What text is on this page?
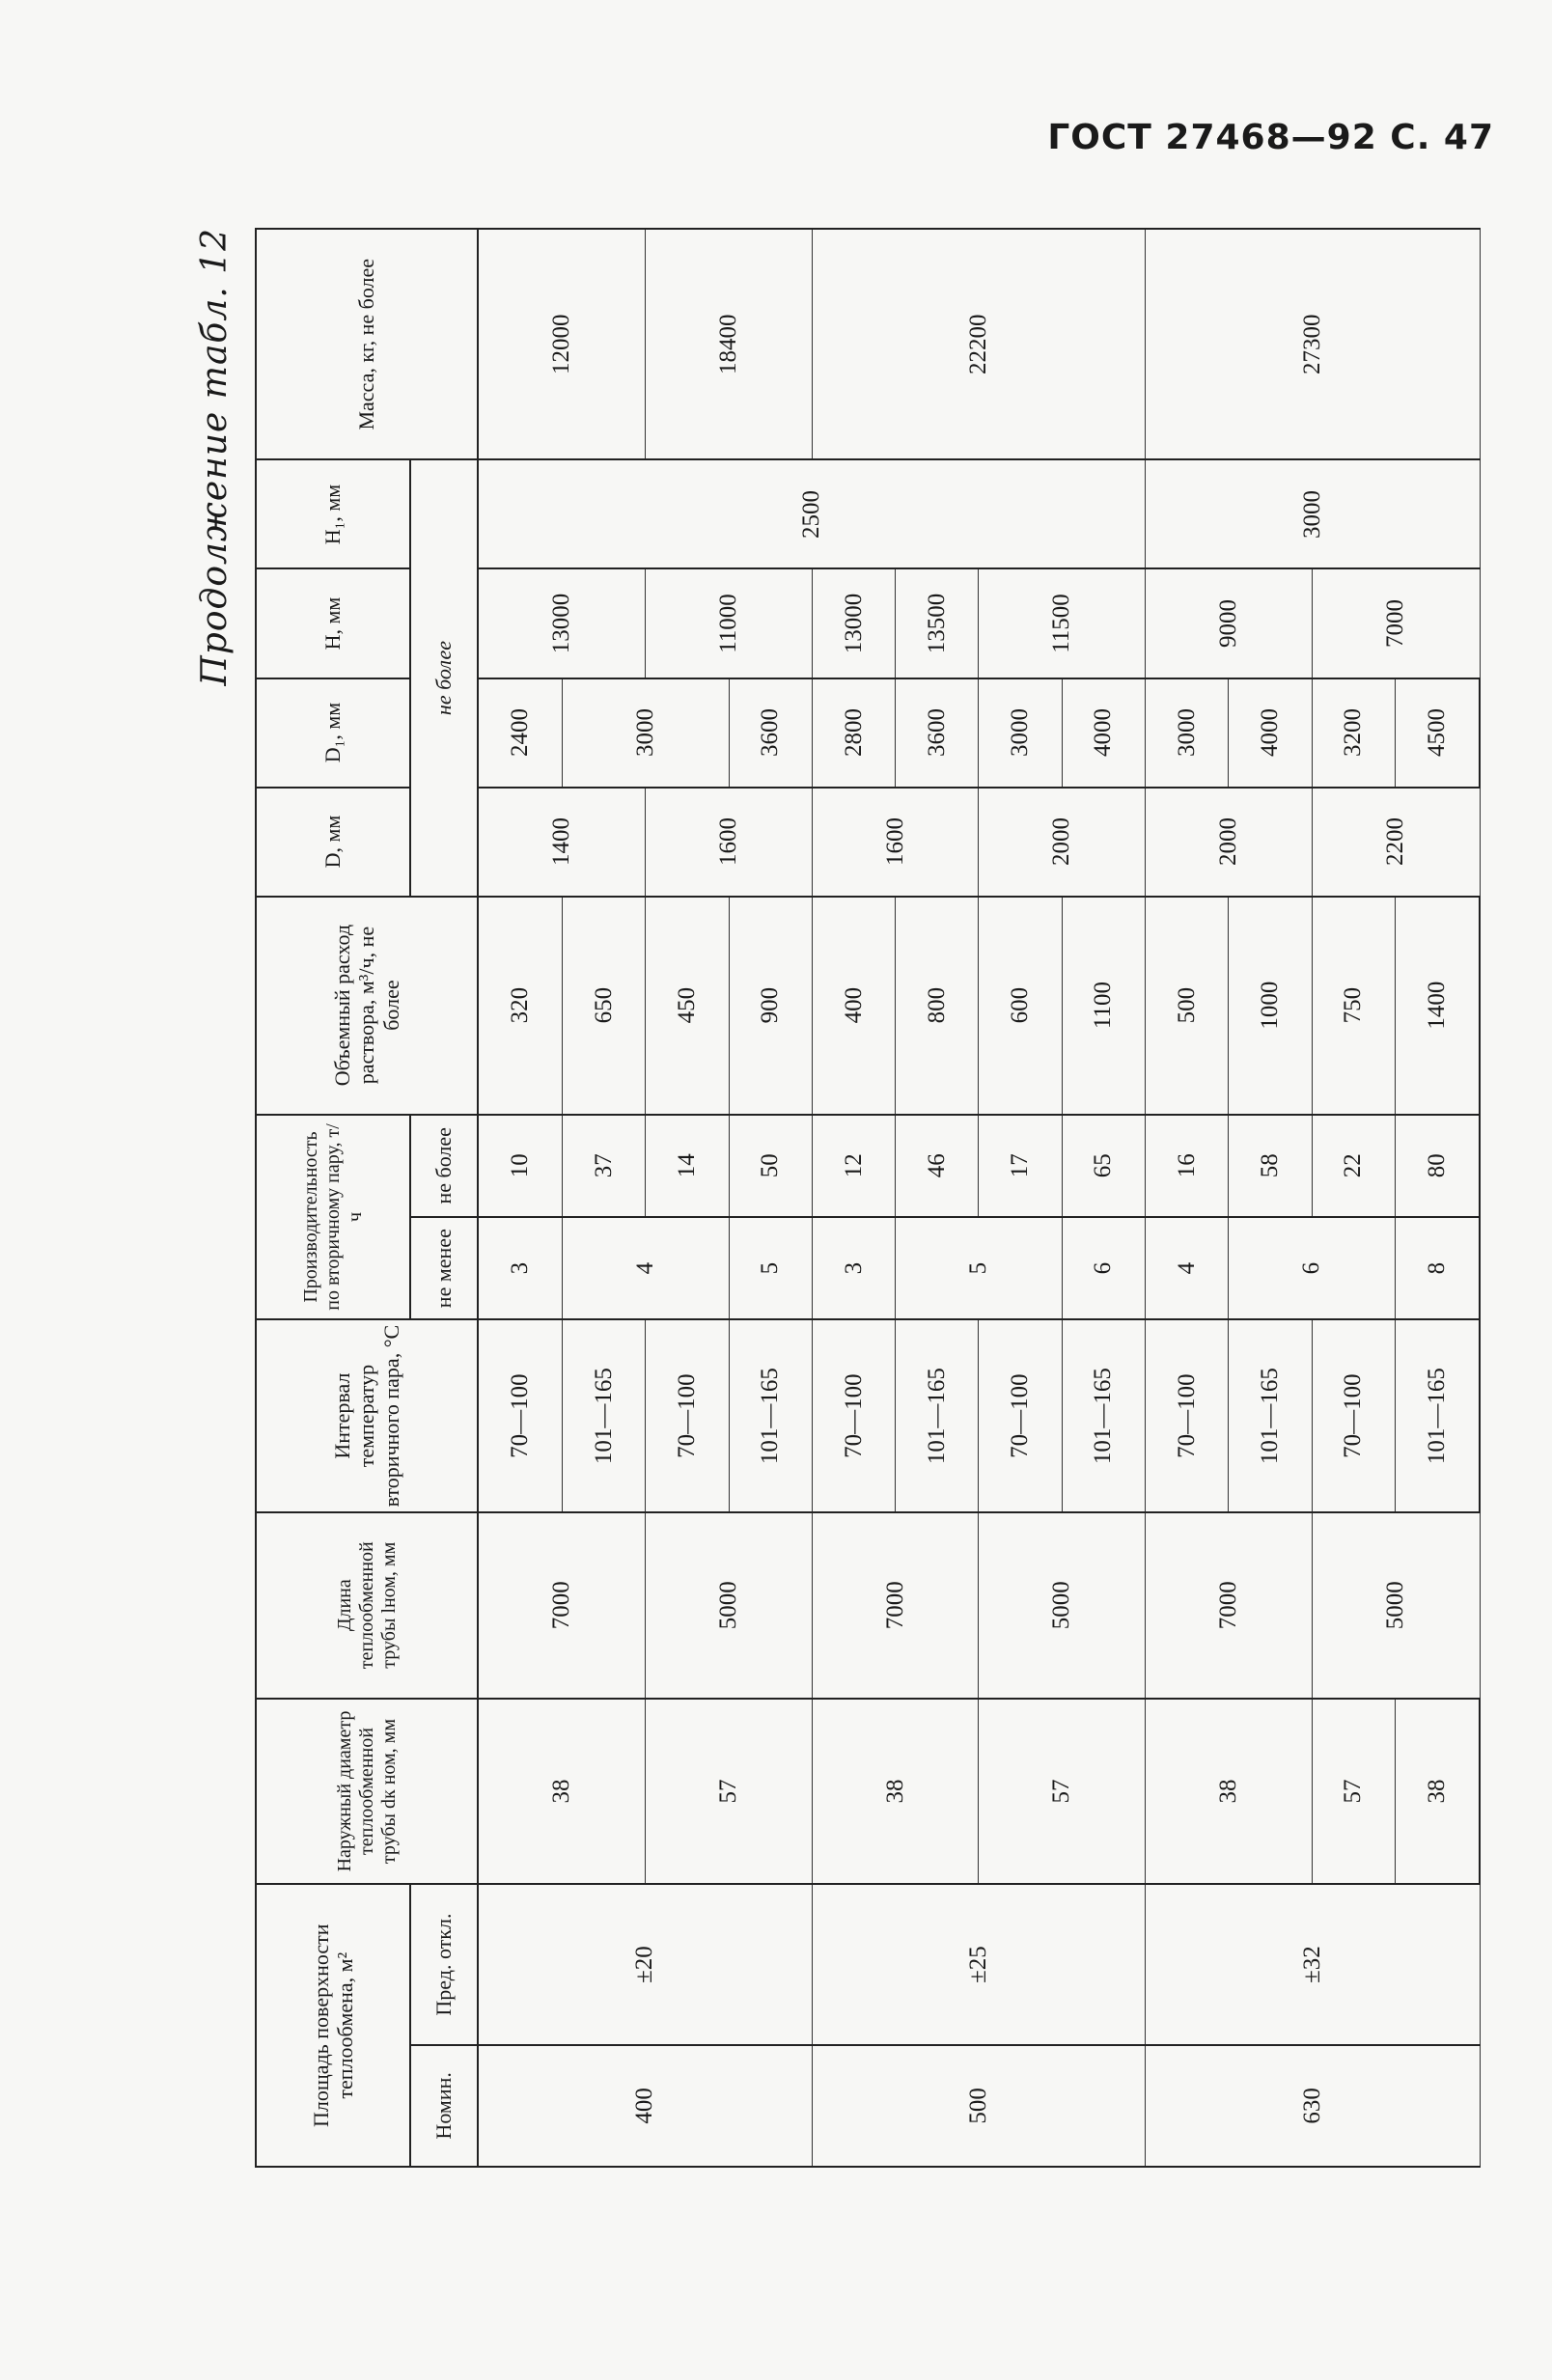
ГОСТ 27468—92 С. 47
Продолжение табл. 12
Площадь поверхности теплообмена, м²		Наружный диаметр теплообменной трубы dк ном, мм	Длина теплообменной трубы lном, мм	Интервал температур вторичного пара, °С	Производительность по вторичному пару, т/ч		Объемный расход раствора, м³/ч, не более	D, мм	D₁, мм	H, мм	H₁, мм	Масса, кг, не более
Номин.	Пред. откл.				не менее	не более		не более				
400	±20	38	7000	70—100	3	10	320	1400	2400	13000	2500	12000
				101—165	4	37	650		3000			
		57	5000	70—100		14	450	1600		11000		18400
				101—165	5	50	900		3600			
500	±25	38	7000	70—100	3	12	400	1600	2800	13000		22200
				101—165	5	46	800		3600	13500		
		57	5000	70—100		17	600	2000	3000	11500		
				101—165	6	65	1100		4000			
630	±32	38	7000	70—100	4	16	500	2000	3000	9000	3000	27300
				101—165	6	58	1000		4000			
		57	5000	70—100		22	750	2200	3200	7000		
		38		101—165	8	80	1400		4500			
